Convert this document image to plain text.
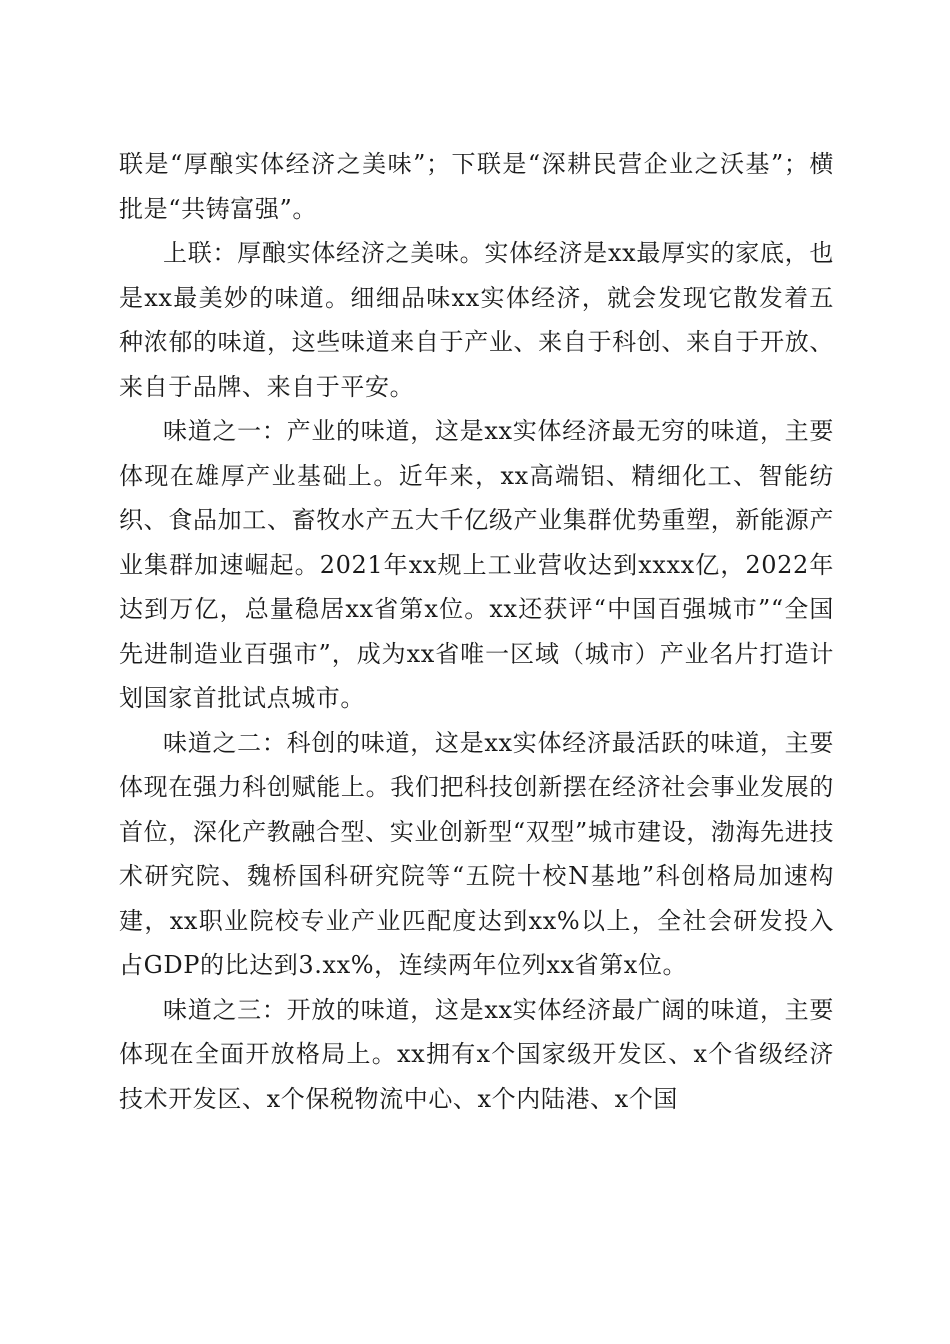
联是“厚酿实体经济之美味”；下联是“深耕民营企业之沃基”；横批是“共铸富强”。

上联：厚酿实体经济之美味。实体经济是xx最厚实的家底，也是xx最美妙的味道。细细品味xx实体经济，就会发现它散发着五种浓郁的味道，这些味道来自于产业、来自于科创、来自于开放、来自于品牌、来自于平安。

味道之一：产业的味道，这是xx实体经济最无穷的味道，主要体现在雄厚产业基础上。近年来，xx高端铝、精细化工、智能纺织、食品加工、畜牧水产五大千亿级产业集群优势重塑，新能源产业集群加速崛起。2021年xx规上工业营收达到xxxx亿，2022年达到万亿，总量稳居xx省第x位。xx还获评“中国百强城市”“全国先进制造业百强市”，成为xx省唯一区域（城市）产业名片打造计划国家首批试点城市。

味道之二：科创的味道，这是xx实体经济最活跃的味道，主要体现在强力科创赋能上。我们把科技创新摆在经济社会事业发展的首位，深化产教融合型、实业创新型“双型”城市建设，渤海先进技术研究院、魏桥国科研究院等“五院十校N基地”科创格局加速构建，xx职业院校专业产业匹配度达到xx%以上，全社会研发投入占GDP的比达到3.xx%，连续两年位列xx省第x位。

味道之三：开放的味道，这是xx实体经济最广阔的味道，主要体现在全面开放格局上。xx拥有x个国家级开发区、x个省级经济技术开发区、x个保税物流中心、x个内陆港、x个国
